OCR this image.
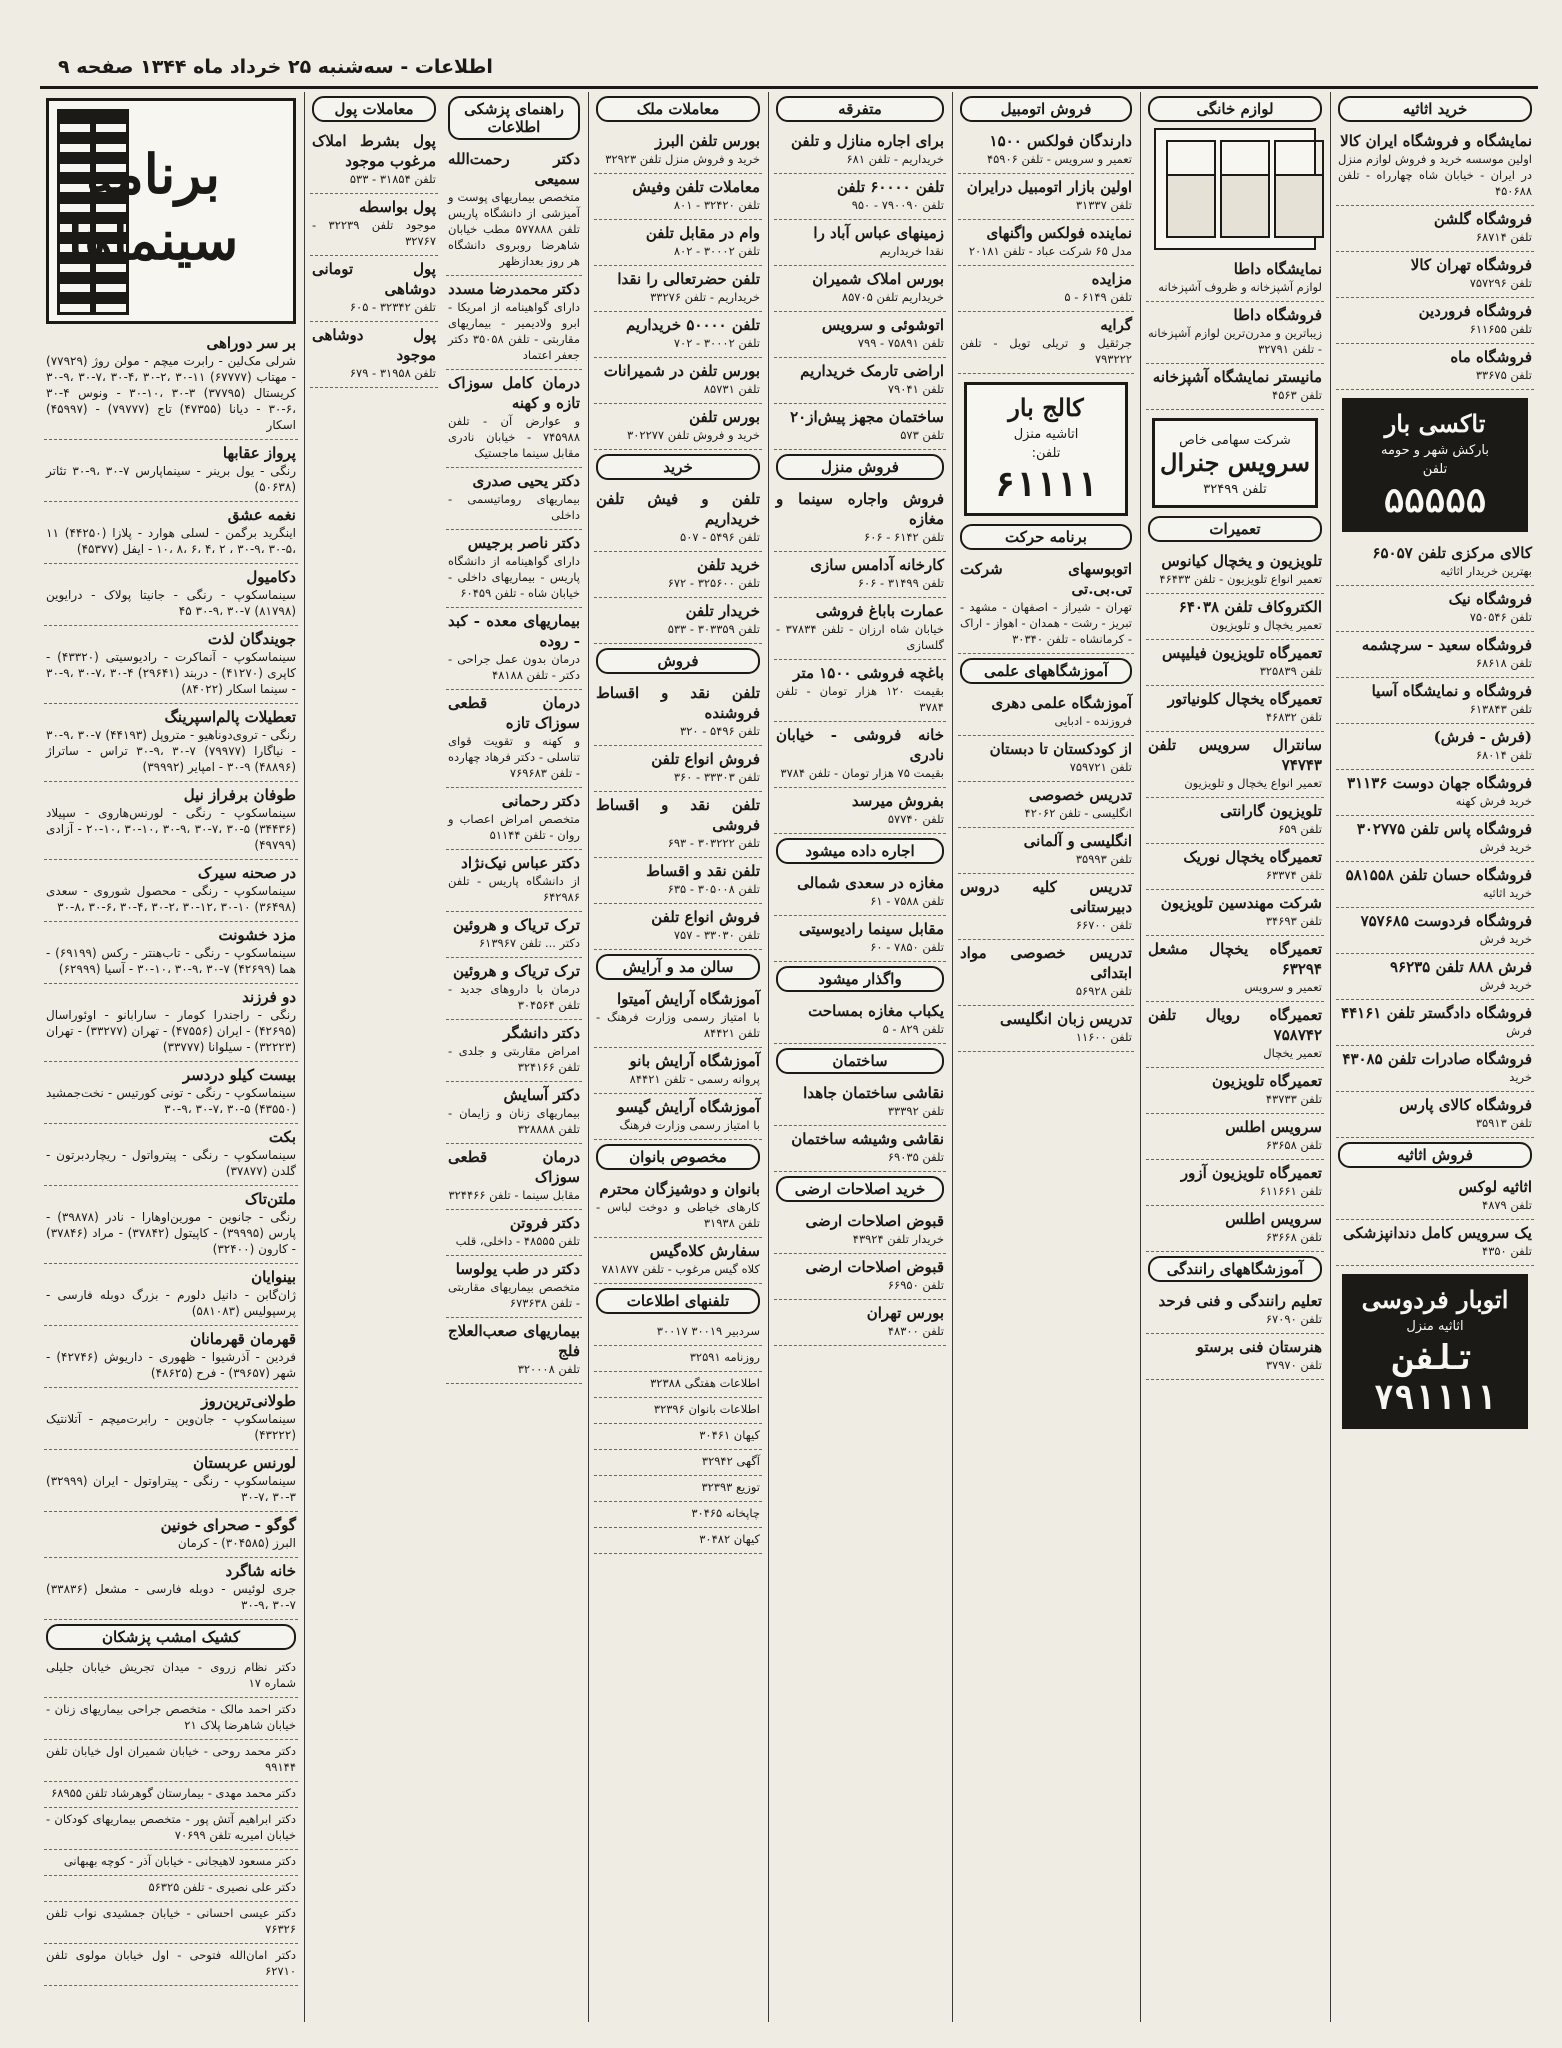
اطلاعات - سه‌شنبه ۲۵ خرداد ماه ۱۳۴۴ صفحه ۹
برنامه سینماها
بر سر دوراهی
شرلی مک‌لین - رابرت میچم - مولن روژ (۷۷۹۲۹) - مهتاب (۶۷۷۷۷) ۱۱-۳۰ ،۲-۳۰ ،۴-۳۰ ،۷-۳۰ ،۹-۳۰ کریستال (۳۷۷۹۵) ۳-۳۰ ،۱۰-۳۰ - ونوس ۴-۳۰ ،۶-۳۰ - دیانا (۴۷۳۵۵) تاج (۷۹۷۷۷) - (۴۵۹۹۷) اسکار
پرواز عقابها
رنگی - یول برینر - سینماپارس ۷-۳۰ ،۹-۳۰ تئاتر (۵۰۶۳۸)
نغمه عشق
اینگرید برگمن - لسلی هوارد - پلازا (۴۴۲۵۰) ۱۱ ،۵-۳۰ ،۹-۳۰ ، ۲ ،۴ ،۶ ،۸ ،۱۰ - ایفل (۴۵۳۷۷)
دکامیول
سینماسکوپ - رنگی - جانیتا پولاک - درایوین (۸۱۷۹۸) ۷-۳۰ ،۹-۳۰ ۴۵
جویندگان لذت
سینماسکوپ - آنماکرت - رادیوسیتی (۴۳۳۲۰) - کاپری (۴۱۲۷۰) - دربند (۲۹۶۴۱) ۴-۳۰ ،۷-۳۰ ،۹-۳۰ - سینما اسکار (۸۴۰۲۲)
تعطیلات پالم‌اسپرینگ
رنگی - تروی‌دوناهیو - متروپل (۴۴۱۹۳) ۷-۳۰ ،۹-۳۰ - نیاگارا (۷۹۹۷۷) ۷-۳۰ ،۹-۳۰ تراس - ساتراژ (۴۸۸۹۶) ۹-۳۰ - امپایر (۳۹۹۹۲)
طوفان برفراز نیل
سینماسکوپ - رنگی - لورنس‌هاروی - سپیلاد (۳۴۴۳۶) ۵-۳۰ ،۷-۳۰ ،۹-۳۰ ،۱۰-۳۰ ،۱۰-۲۰ - آزادی (۴۹۷۹۹)
در صحنه سیرک
سینماسکوپ - رنگی - محصول شوروی - سعدی (۳۶۴۹۸) ۱۰-۳۰ ،۱۲-۳۰ ،۲-۳۰ ،۴-۳۰ ،۶-۳۰ ،۸-۳۰
مزد خشونت
سینماسکوپ - رنگی - تاب‌هنتر - رکس (۶۹۱۹۹) - هما (۴۲۶۹۹) ۷-۳۰ ،۹-۳۰ ،۱۰-۳۰ - آسیا (۶۲۹۹۹)
دو فرزند
رنگی - راجندرا کومار - سارابانو - اوئوراسال (۴۲۶۹۵) - ایران (۴۷۵۵۶) - تهران (۳۳۲۷۷) - تهران (۳۲۲۲۳) - سیلوانا (۳۳۷۷۷)
بیست کیلو دردسر
سینماسکوپ - رنگی - تونی کورتیس - نخت‌جمشید (۴۳۵۵۰) ۵-۳۰ ،۷-۳۰ ،۹-۳۰
بکت
سینماسکوپ - رنگی - پیترواتول - ریچاردبرتون - گلدن (۳۷۸۷۷)
ملتن‌تاک
رنگی - جانوین - مورین‌اوهارا - نادر (۳۹۸۷۸) - پارس (۳۹۹۹۵) - کاپیتول (۳۷۸۴۲) - مراد (۳۷۸۴۶) - کارون (۳۲۴۰۰)
بینوایان
ژان‌گابن - دانیل دلورم - بزرگ دوبله فارسی - پرسپولیس (۵۸۱۰۸۳)
قهرمان قهرمانان
فردین - آذرشیوا - ظهوری - داریوش (۴۲۷۴۶) - شهر (۳۹۶۵۷) - فرح (۴۸۶۲۵)
طولانی‌ترین‌روز
سینماسکوپ - جان‌وین - رابرت‌میچم - آتلانتیک (۴۳۲۲۲)
لورنس عربستان
سینماسکوپ - رنگی - پیتراوتول - ایران (۳۲۹۹۹) ۳-۳۰ ،۷-۳۰
گوگو - صحرای خونین
البرز (۳۰۴۵۸۵) - کرمان
خانه شاگرد
جری لوئیس - دوبله فارسی - مشعل (۳۳۸۳۶) ۷-۳۰ ،۹-۳۰
کشیک امشب پزشکان
دکتر نظام زروی - میدان تجریش خیابان جلیلی شماره ۱۷
دکتر احمد مالک - متخصص جراحی بیماریهای زنان - خیابان شاهرضا پلاک ۲۱
دکتر محمد روحی - خیابان شمیران اول خیابان تلفن ۹۹۱۴۴
دکتر محمد مهدی - بیمارستان گوهرشاد تلفن ۶۸۹۵۵
دکتر ابراهیم آتش پور - متخصص بیماریهای کودکان - خیابان امیریه تلفن ۷۰۶۹۹
دکتر مسعود لاهیجانی - خیابان آذر - کوچه بهبهانی
دکتر علی نصیری - تلفن ۵۶۳۲۵
دکتر عیسی احسانی - خیابان جمشیدی نواب تلفن ۷۶۳۲۶
دکتر امان‌الله فتوحی - اول خیابان مولوی تلفن ۶۲۷۱۰
معاملات پول
پول بشرط املاک مرغوب موجود
تلفن ۳۱۸۵۴ - ۵۳۳
پول بواسطه
موجود تلفن ۳۲۲۳۹ - ۳۲۷۶۷
پول تومانی دوشاهی
تلفن ۳۲۳۴۲ - ۶۰۵
پول دوشاهی موجود
تلفن ۳۱۹۵۸ - ۶۷۹
راهنمای پزشکی اطلاعات
دکتر رحمت‌الله سمیعی
متخصص بیماریهای پوست و آمیزشی از دانشگاه پاریس تلفن ۵۷۷۸۸۸ مطب خیابان شاهرضا روبروی دانشگاه هر روز بعدازظهر
دکتر محمدرضا مسدد
دارای گواهینامه از امریکا - ابرو ولادیمیر - بیماریهای مقاربتی - تلفن ۳۵۰۵۸ دکتر جعفر اعتماد
درمان کامل سوزاک تازه و کهنه
و عوارض آن - تلفن ۷۴۵۹۸۸ - خیابان نادری مقابل سینما ماجستیک
دکتر یحیی صدری
بیماریهای روماتیسمی - داخلی
دکتر ناصر برجیس
دارای گواهینامه از دانشگاه پاریس - بیماریهای داخلی - خیابان شاه - تلفن ۶۰۴۵۹
بیماریهای معده - کبد - روده
درمان بدون عمل جراحی - دکتر - تلفن ۴۸۱۸۸
درمان قطعی سوزاک تازه
و کهنه و تقویت قوای تناسلی - دکتر فرهاد چهارده - تلفن ۷۶۹۶۸۳
دکتر رحمانی
متخصص امراض اعصاب و روان - تلفن ۵۱۱۴۴
دکتر عباس نیک‌نژاد
از دانشگاه پاریس - تلفن ۶۴۲۹۸۶
ترک تریاک و هروئین
دکتر ... تلفن ۶۱۳۹۶۷
ترک تریاک و هروئین
درمان با داروهای جدید - تلفن ۳۰۴۵۶۴
دکتر دانشگر
امراض مقاربتی و جلدی - تلفن ۳۲۴۱۶۶
دکتر آسایش
بیماریهای زنان و زایمان - تلفن ۳۲۸۸۸۸
درمان قطعی سوزاک
مقابل سینما - تلفن ۳۲۴۴۶۶
دکتر فروتن
تلفن ۴۸۵۵۵ - داخلی، قلب
دکتر در طب یولوسا
متخصص بیماریهای مقاربتی - تلفن ۶۷۳۶۳۸
بیماریهای صعب‌العلاج فلج
تلفن ۳۲۰۰۰۸
معاملات ملک
بورس تلفن البرز
خرید و فروش منزل تلفن ۳۲۹۲۳
معاملات تلفن وفیش
تلفن ۳۲۴۲۰ - ۸۰۱
وام در مقابل تلفن
تلفن ۳۰۰۰۲ - ۸۰۲
تلفن حضرتعالی را نقدا
خریداریم - تلفن ۳۳۲۷۶
تلفن ۵۰۰۰۰ خریداریم
تلفن ۳۰۰۰۲ - ۷۰۲
بورس تلفن در شمیرانات
تلفن ۸۵۷۳۱
بورس تلفن
خرید و فروش تلفن ۳۰۲۲۷۷
خرید
تلفن و فیش تلفن خریداریم
تلفن ۵۴۹۶ - ۵۰۷
خرید تلفن
تلفن ۳۲۵۶۰۰ - ۶۷۲
خریدار تلفن
تلفن ۳۰۳۳۵۹ - ۵۳۳
فروش
تلفن نقد و اقساط فروشنده
تلفن ۵۴۹۶ - ۳۲۰
فروش انواع تلفن
تلفن ۳۳۳۰۳ - ۳۶۰
تلفن نقد و اقساط فروشی
تلفن ۳۰۳۲۲۲ - ۶۹۳
تلفن نقد و اقساط
تلفن ۳۰۵۰۰۸ - ۶۳۵
فروش انواع تلفن
تلفن ۳۳۰۳۰ - ۷۵۷
سالن مد و آرایش
آموزشگاه آرایش آمیتوا
با امتیاز رسمی وزارت فرهنگ - تلفن ۸۴۴۲۱
آموزشگاه آرایش بانو
پروانه رسمی - تلفن ۸۴۴۲۱
آموزشگاه آرایش گیسو
با امتیاز رسمی وزارت فرهنگ
مخصوص بانوان
بانوان و دوشیزگان محترم
کارهای خیاطی و دوخت لباس - تلفن ۳۱۹۳۸
سفارش کلاه‌گیس
کلاه گیس مرغوب - تلفن ۷۸۱۸۷۷
تلفنهای اطلاعات
سردبیر ۳۰۰۱۹ ۳۰۰۱۷
روزنامه ۳۲۵۹۱
اطلاعات هفتگی ۳۲۳۸۸
اطلاعات بانوان ۳۲۳۹۶
کیهان ۳۰۴۶۱
آگهی ۳۲۹۴۲
توزیع ۳۲۳۹۳
چاپخانه ۳۰۴۶۵
کیهان ۳۰۴۸۲
متفرقه
برای اجاره منازل و تلفن
خریداریم - تلفن ۶۸۱
تلفن ۶۰۰۰۰ تلفن
تلفن ۷۹۰۰۹۰ - ۹۵۰
زمینهای عباس آباد را
نقدا خریداریم
بورس املاک شمیران
خریداریم تلفن ۸۵۷۰۵
اتوشوئی و سرویس
تلفن ۷۵۸۹۱ - ۷۹۹
اراضی تارمک خریداریم
تلفن ۷۹۰۴۱
ساختمان مجهز پیش‌از۲۰
تلفن ۵۷۳
فروش منزل
فروش واجاره سینما و مغازه
تلفن ۶۱۴۲ - ۶۰۶
کارخانه آدامس سازی
تلفن ۳۱۴۹۹ - ۶۰۶
عمارت باباغ فروشی
خیابان شاه ارزان - تلفن ۳۷۸۳۴ - گلسازی
باغچه فروشی ۱۵۰۰ متر
بقیمت ۱۲۰ هزار تومان - تلفن ۳۷۸۴
خانه فروشی - خیابان نادری
بقیمت ۷۵ هزار تومان - تلفن ۳۷۸۴
بفروش میرسد
تلفن ۵۷۷۴۰
اجاره داده میشود
مغازه در سعدی شمالی
تلفن ۷۵۸۸ - ۶۱
مقابل سینما رادیوسیتی
تلفن ۷۸۵۰ - ۶۰
واگذار میشود
یکباب مغازه بمساحت
تلفن ۸۲۹ - ۵
ساختمان
نقاشی ساختمان جاهدا
تلفن ۳۳۳۹۲
نقاشی وشیشه ساختمان
تلفن ۶۹۰۳۵
خرید اصلاحات ارضی
قبوض اصلاحات ارضی
خریدار تلفن ۴۳۹۲۴
قبوض اصلاحات ارضی
تلفن ۶۶۹۵۰
بورس تهران
تلفن ۴۸۳۰۰
فروش اتومبیل
دارندگان فولکس ۱۵۰۰
تعمیر و سرویس - تلفن ۴۵۹۰۶
اولین بازار اتومبیل درایران
تلفن ۳۱۳۳۷
نماینده فولکس واگنهای
مدل ۶۵ شرکت عباد - تلفن ۲۰۱۸۱
مزایده
تلفن ۶۱۴۹ - ۵
گرایه
جرثقیل و تریلی تویل - تلفن ۷۹۳۲۲۲
کالج بار
اتاشیه منزل
تلفن:
۶۱۱۱۱
برنامه حرکت
اتوبوسهای شرکت تی.بی.تی
تهران - شیراز - اصفهان - مشهد - تبریز - رشت - همدان - اهواز - اراک - کرمانشاه - تلفن ۳۰۳۴۰
آموزشگاههای علمی
آموزشگاه علمی دهری
فروزنده - ادبایی
از کودکستان تا دبستان
تلفن ۷۵۹۷۲۱
تدریس خصوصی
انگلیسی - تلفن ۴۲۰۶۲
انگلیسی و آلمانی
تلفن ۳۵۹۹۳
تدریس کلیه دروس دبیرستانی
تلفن ۶۶۷۰۰
تدریس خصوصی مواد ابتدائی
تلفن ۵۶۹۲۸
تدریس زبان انگلیسی
تلفن ۱۱۶۰۰
لوازم خانگی
نمایشگاه داطا
لوازم آشپزخانه و ظروف آشپزخانه
فروشگاه داطا
زیباترین و مدرن‌ترین لوازم آشپزخانه - تلفن ۳۲۷۹۱
مانیستر نمایشگاه آشپزخانه
تلفن ۴۵۶۳
شرکت سهامی خاص
سرویس جنرال
تلفن ۳۲۴۹۹
تعمیرات
تلویزیون و یخچال کیانوس
تعمیر انواع تلویزیون - تلفن ۴۶۴۳۳
الکتروکاف تلفن ۶۴۰۳۸
تعمیر یخچال و تلویزیون
تعمیرگاه تلویزیون فیلیپس
تلفن ۳۲۵۸۳۹
تعمیرگاه یخچال کلونیاتور
تلفن ۴۶۸۳۲
سانترال سرویس تلفن ۷۴۷۴۳
تعمیر انواع یخچال و تلویزیون
تلویزیون گارانتی
تلفن ۶۵۹
تعمیرگاه یخچال نوریک
تلفن ۶۳۳۷۴
شرکت مهندسین تلویزیون
تلفن ۳۴۶۹۳
تعمیرگاه یخچال مشعل ۶۳۲۹۴
تعمیر و سرویس
تعمیرگاه رویال تلفن ۷۵۸۷۴۲
تعمیر یخچال
تعمیرگاه تلویزیون
تلفن ۴۳۷۳۳
سرویس اطلس
تلفن ۶۳۶۵۸
تعمیرگاه تلویزیون آزور
تلفن ۶۱۱۶۶۱
سرویس اطلس
تلفن ۶۳۶۶۸
آموزشگاههای رانندگی
تعلیم رانندگی و فنی فرحد
تلفن ۶۷۰۹۰
هنرستان فنی برستو
تلفن ۳۷۹۷۰
خرید اثاثیه
نمایشگاه و فروشگاه ایران کالا
اولین موسسه خرید و فروش لوازم منزل در ایران - خیابان شاه چهارراه - تلفن ۴۵۰۶۸۸
فروشگاه گلشن
تلفن ۶۸۷۱۴
فروشگاه تهران کالا
تلفن ۷۵۷۲۹۶
فروشگاه فروردین
تلفن ۶۱۱۶۵۵
فروشگاه ماه
تلفن ۳۳۶۷۵
تاکسی بار
بارکش شهر و حومه
تلفن
۵۵۵۵۵
کالای مرکزی تلفن ۶۵۰۵۷
بهترین خریدار اثاثیه
فروشگاه نیک
تلفن ۷۵۰۵۴۶
فروشگاه سعید - سرچشمه
تلفن ۶۸۶۱۸
فروشگاه و نمایشگاه آسیا
تلفن ۶۱۳۸۴۳
(فرش - فرش)
تلفن ۶۸۰۱۴
فروشگاه جهان دوست ۳۱۱۳۶
خرید فرش کهنه
فروشگاه پاس تلفن ۳۰۲۷۷۵
خرید فرش
فروشگاه حسان تلفن ۵۸۱۵۵۸
خرید اثاثیه
فروشگاه فردوست ۷۵۷۶۸۵
خرید فرش
فرش ۸۸۸ تلفن ۹۶۲۳۵
خرید فرش
فروشگاه دادگستر تلفن ۴۴۱۶۱
فرش
فروشگاه صادرات تلفن ۴۳۰۸۵
خرید
فروشگاه کالای پارس
تلفن ۳۵۹۱۳
فروش اثاثیه
اثاثیه لوکس
تلفن ۴۸۷۹
یک سرویس کامل دندانپزشکی
تلفن ۴۳۵۰
اتوبار فردوسی
اثاثیه منزل
تلفن ۷۹۱۱۱۱
